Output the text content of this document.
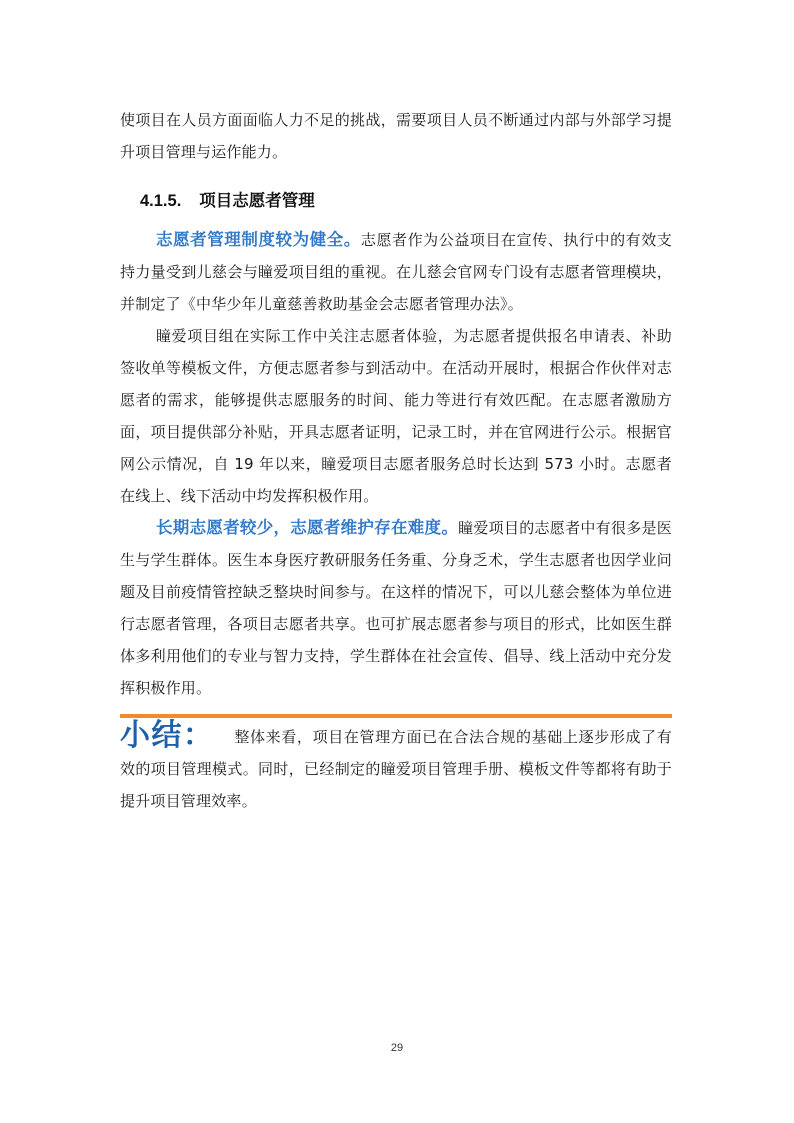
使项目在人员方面面临人力不足的挑战，需要项目人员不断通过内部与外部学习提升项目管理与运作能力。

4.1.5. 项目志愿者管理

志愿者管理制度较为健全。志愿者作为公益项目在宣传、执行中的有效支持力量受到儿慈会与瞳爱项目组的重视。在儿慈会官网专门设有志愿者管理模块，并制定了《中华少年儿童慈善救助基金会志愿者管理办法》。

瞳爱项目组在实际工作中关注志愿者体验，为志愿者提供报名申请表、补助签收单等模板文件，方便志愿者参与到活动中。在活动开展时，根据合作伙伴对志愿者的需求，能够提供志愿服务的时间、能力等进行有效匹配。在志愿者激励方面，项目提供部分补贴，开具志愿者证明，记录工时，并在官网进行公示。根据官网公示情况，自 19 年以来，瞳爱项目志愿者服务总时长达到 573 小时。志愿者在线上、线下活动中均发挥积极作用。

长期志愿者较少，志愿者维护存在难度。瞳爱项目的志愿者中有很多是医生与学生群体。医生本身医疗教研服务任务重、分身乏术，学生志愿者也因学业问题及目前疫情管控缺乏整块时间参与。在这样的情况下，可以儿慈会整体为单位进行志愿者管理，各项目志愿者共享。也可扩展志愿者参与项目的形式，比如医生群体多利用他们的专业与智力支持，学生群体在社会宣传、倡导、线上活动中充分发挥积极作用。

小结： 整体来看，项目在管理方面已在合法合规的基础上逐步形成了有效的项目管理模式。同时，已经制定的瞳爱项目管理手册、模板文件等都将有助于提升项目管理效率。

29
